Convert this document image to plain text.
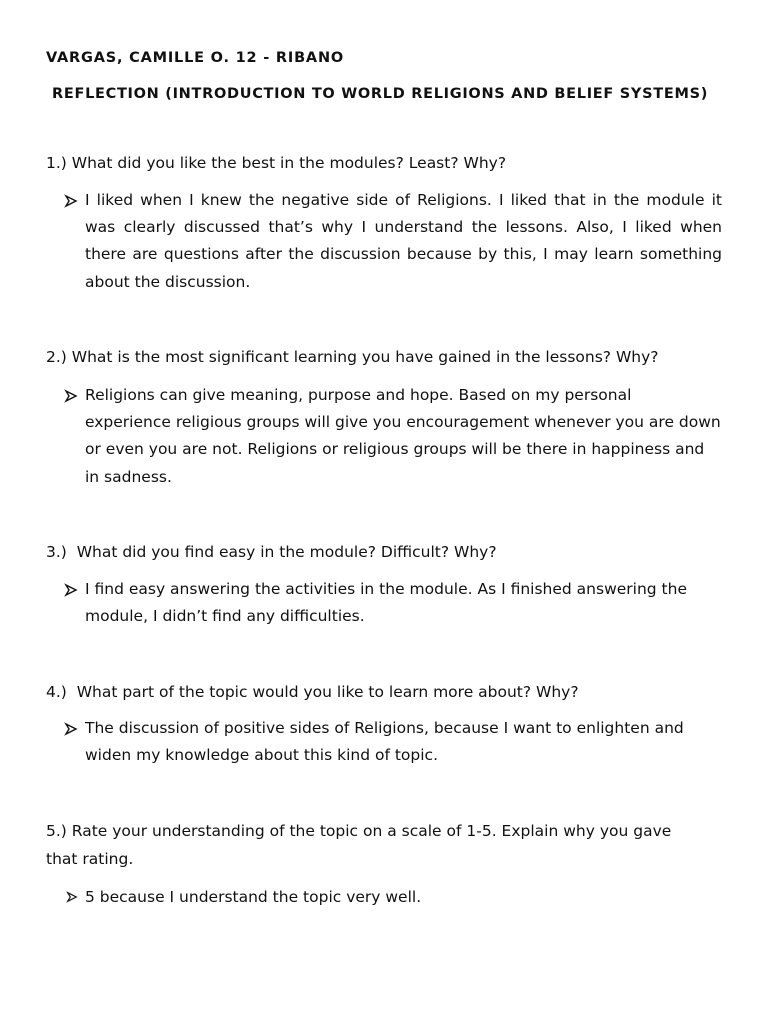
VARGAS, CAMILLE O. 12 - RIBANO
REFLECTION (INTRODUCTION TO WORLD RELIGIONS AND BELIEF SYSTEMS)
1.) What did you like the best in the modules? Least? Why?
I liked when I knew the negative side of Religions. I liked that in the module it was clearly discussed that’s why I understand the lessons. Also, I liked when there are questions after the discussion because by this, I may learn something about the discussion.
2.) What is the most significant learning you have gained in the lessons? Why?
Religions can give meaning, purpose and hope. Based on my personal experience religious groups will give you encouragement whenever you are down or even you are not. Religions or religious groups will be there in happiness and in sadness.
3.)  What did you find easy in the module? Difficult? Why?
I find easy answering the activities in the module. As I finished answering the module, I didn’t find any difficulties.
4.)  What part of the topic would you like to learn more about? Why?
The discussion of positive sides of Religions, because I want to enlighten and widen my knowledge about this kind of topic.
5.) Rate your understanding of the topic on a scale of 1-5. Explain why you gave that rating.
5 because I understand the topic very well.
